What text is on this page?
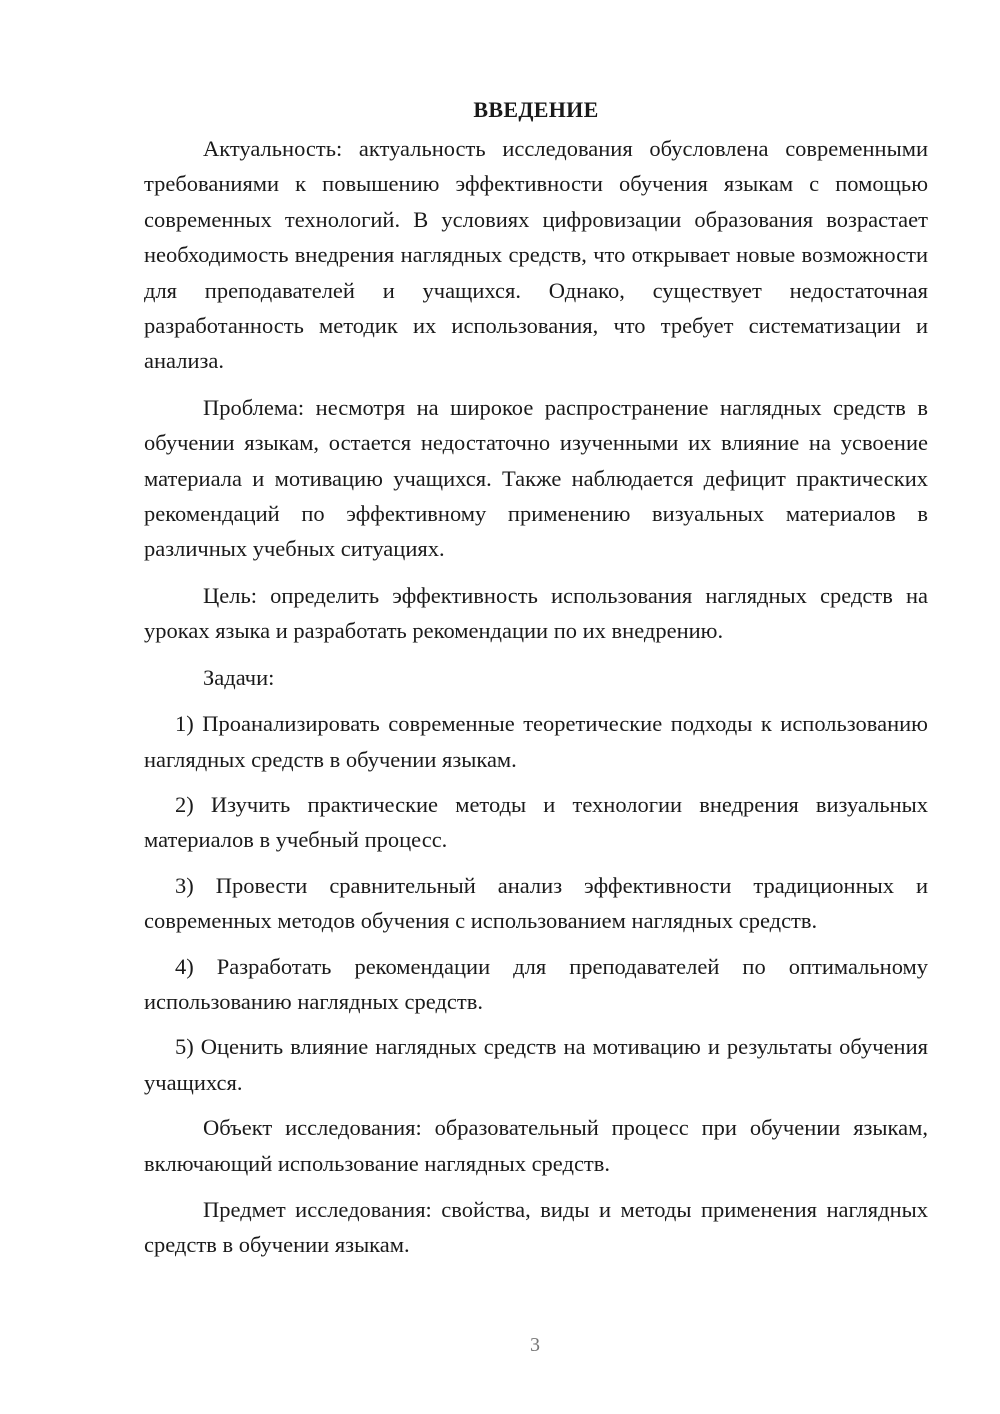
ВВЕДЕНИЕ

Актуальность: актуальность исследования обусловлена современными требованиями к повышению эффективности обучения языкам с помощью современных технологий. В условиях цифровизации образования возрастает необходимость внедрения наглядных средств, что открывает новые возможности для преподавателей и учащихся. Однако, существует недостаточная разработанность методик их использования, что требует систематизации и анализа.

Проблема: несмотря на широкое распространение наглядных средств в обучении языкам, остается недостаточно изученными их влияние на усвоение материала и мотивацию учащихся. Также наблюдается дефицит практических рекомендаций по эффективному применению визуальных материалов в различных учебных ситуациях.

Цель: определить эффективность использования наглядных средств на уроках языка и разработать рекомендации по их внедрению.

Задачи:

1) Проанализировать современные теоретические подходы к использованию наглядных средств в обучении языкам.

2) Изучить практические методы и технологии внедрения визуальных материалов в учебный процесс.

3) Провести сравнительный анализ эффективности традиционных и современных методов обучения с использованием наглядных средств.

4) Разработать рекомендации для преподавателей по оптимальному использованию наглядных средств.

5) Оценить влияние наглядных средств на мотивацию и результаты обучения учащихся.

Объект исследования: образовательный процесс при обучении языкам, включающий использование наглядных средств.

Предмет исследования: свойства, виды и методы применения наглядных средств в обучении языкам.

3
